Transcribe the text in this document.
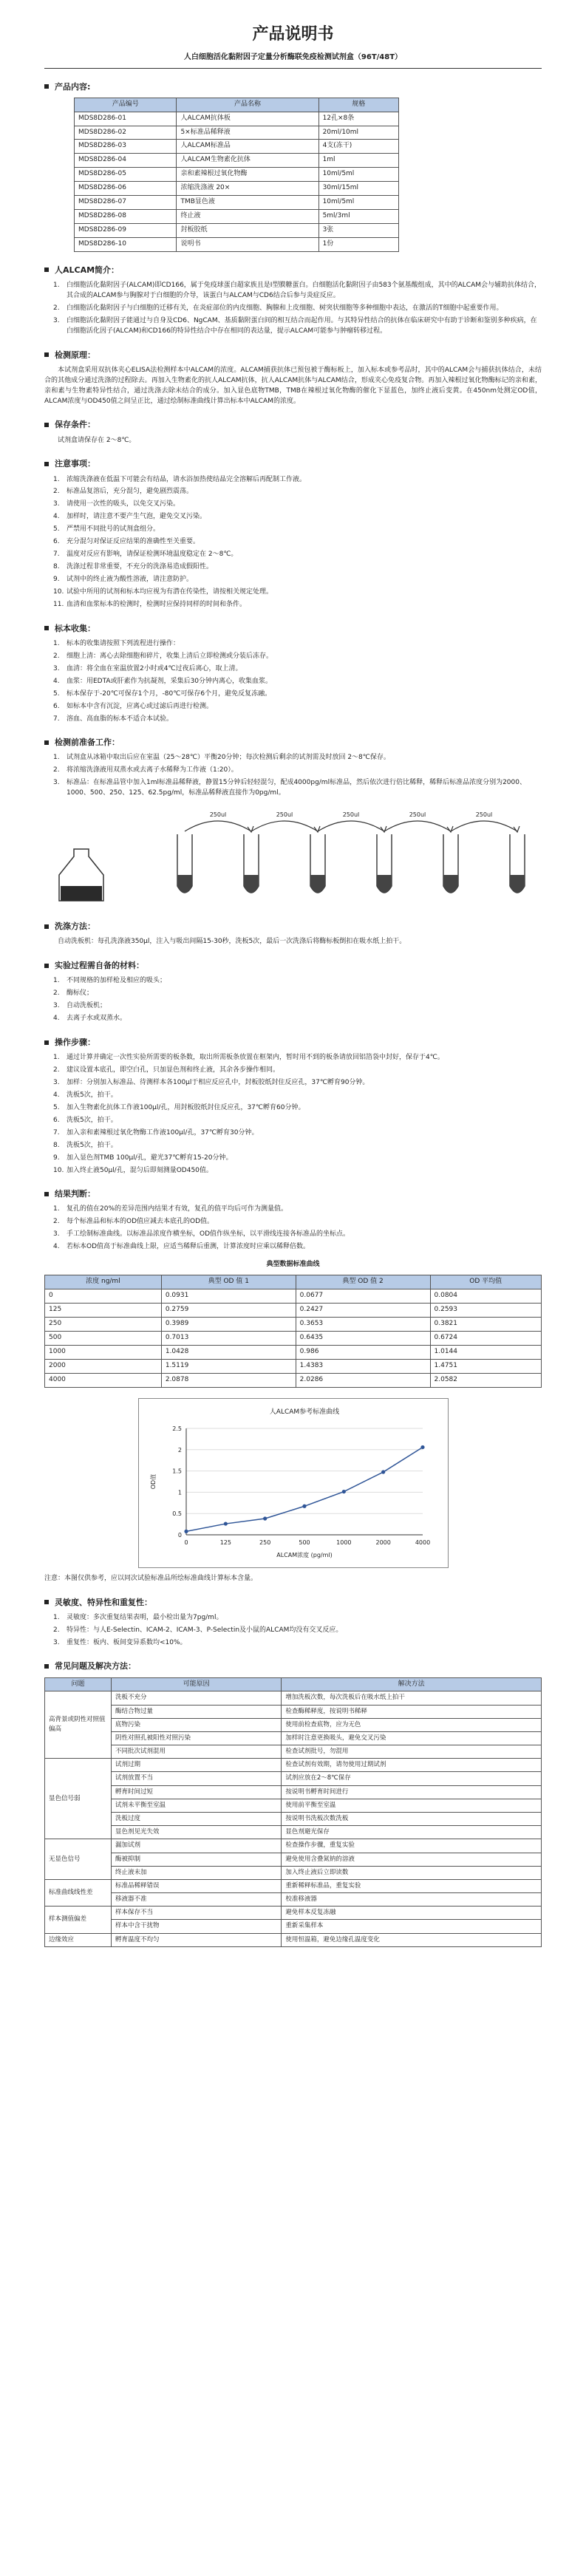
产品说明书
人白细胞活化黏附因子定量分析酶联免疫检测试剂盒（96T/48T）
产品内容:
产品编号	产品名称	规格
MDS8D286-01	人ALCAM抗体板	12孔×8条
MDS8D286-02	5×标准品稀释液	20ml/10ml
MDS8D286-03	人ALCAM标准品	4支(冻干)
MDS8D286-04	人ALCAM生物素化抗体	1ml
MDS8D286-05	亲和素辣根过氧化物酶	10ml/5ml
MDS8D286-06	浓缩洗涤液 20×	30ml/15ml
MDS8D286-07	TMB显色液	10ml/5ml
MDS8D286-08	终止液	5ml/3ml
MDS8D286-09	封板胶纸	3张
MDS8D286-10	说明书	1份
人ALCAM简介：
1.	白细胞活化黏附因子(ALCAM)即CD166，属于免疫球蛋白超家族且是Ⅰ型膜糖蛋白。白细胞活化黏附因子由583个氨基酸组成，其中的ALCAM会与辅助抗体结合，其合成的ALCAM参与胸腺对于白细胞的介导，该蛋白与ALCAM与CD6结合后参与炎症反应。
2.	白细胞活化黏附因子与白细胞的迁移有关，在炎症部位的内皮细胞、胸腺和上皮细胞、树突状细胞等多种细胞中表达，在激活的T细胞中起重要作用。
3.	白细胞活化黏附因子能通过与自身及CD6、NgCAM、基质黏附蛋白间的相互结合而起作用。与其特异性结合的抗体在临床研究中有助于诊断和鉴别多种疾病，在白细胞活化因子(ALCAM)和CD166的特异性结合中存在相同的表达量，提示ALCAM可能参与肿瘤转移过程。
检测原理：

本试剂盒采用双抗体夹心ELISA法检测样本中ALCAM的浓度。ALCAM捕获抗体已预包被于酶标板上，加入标本或参考品时，其中的ALCAM会与捕获抗体结合，未结合的其他成分通过洗涤的过程除去。再加入生物素化的抗人ALCAM抗体，抗人ALCAM抗体与ALCAM结合，形成夹心免疫复合物。再加入辣根过氧化物酶标记的亲和素，亲和素与生物素特异性结合，通过洗涤去除未结合的成分。加入显色底物TMB，TMB在辣根过氧化物酶的催化下显蓝色，加终止液后变黄。在450nm处测定OD值，ALCAM浓度与OD450值之间呈正比，通过绘制标准曲线计算出标本中ALCAM的浓度。

保存条件：

试剂盒请保存在 2～8℃。

注意事项：
1.	浓缩洗涤液在低温下可能会有结晶，请水浴加热使结晶完全溶解后再配制工作液。
2.	标准品复溶后，充分混匀，避免剧烈震荡。
3.	请使用一次性的吸头，以免交叉污染。
4.	加样时，请注意不要产生气泡，避免交叉污染。
5.	严禁用不同批号的试剂盒组分。
6.	充分混匀对保证反应结果的准确性至关重要。
7.	温度对反应有影响，请保证检测环境温度稳定在 2～8℃。
8.	洗涤过程非常重要，不充分的洗涤易造成假阳性。
9.	试剂中的终止液为酸性溶液，请注意防护。
10. 试验中所用的试剂和标本均应视为有潜在传染性，请按相关规定处理。
11. 血清和血浆标本的检测时，检测时应保持同样的时间和条件。
标本收集：
1.	标本的收集请按照下列流程进行操作：
2.	细胞上清：离心去除细胞和碎片，收集上清后立即检测或分装后冻存。
3.	血清：将全血在室温放置2小时或4℃过夜后离心，取上清。
4.	血浆：用EDTA或肝素作为抗凝剂，采集后30分钟内离心，收集血浆。
5.	标本保存于-20℃可保存1个月，-80℃可保存6个月，避免反复冻融。
6.	如标本中含有沉淀，应离心或过滤后再进行检测。
7.	溶血、高血脂的标本不适合本试验。
检测前准备工作：
1.	试剂盒从冰箱中取出后应在室温（25～28℃）平衡20分钟；每次检测后剩余的试剂需及时放回 2～8℃保存。
2.	将浓缩洗涤液用双蒸水或去离子水稀释为工作液（1:20）。
3.	标准品：在标准品管中加入1ml标准品稀释液，静置15分钟后轻轻混匀，配成4000pg/ml标准品，然后依次进行倍比稀释，稀释后标准品浓度分别为2000、1000、500、250、125、62.5pg/ml，标准品稀释液直接作为0pg/ml。
250ul	250ul	250ul	250ul	250ul
洗涤方法：

自动洗板机：每孔洗涤液350μl，注入与吸出间隔15-30秒，洗板5次，最后一次洗涤后将酶标板倒扣在吸水纸上拍干。

实验过程需自备的材料：
1.	不同规格的加样枪及相应的吸头；
2.	酶标仪；
3.	自动洗板机；
4.	去离子水或双蒸水。
操作步骤：
1.	通过计算并确定一次性实验所需要的板条数，取出所需板条放置在框架内，暂时用不到的板条请放回铝箔袋中封好，保存于4℃。
2.	建议设置本底孔，即空白孔，只加显色剂和终止液，其余各步操作相同。
3.	加样：分别加入标准品、待测样本各100μl于相应反应孔中，封板胶纸封住反应孔，37℃孵育90分钟。
4.	洗板5次，拍干。
5.	加入生物素化抗体工作液100μl/孔，用封板胶纸封住反应孔，37℃孵育60分钟。
6.	洗板5次，拍干。
7.	加入亲和素辣根过氧化物酶工作液100μl/孔，37℃孵育30分钟。
8.	洗板5次，拍干。
9.	加入显色剂TMB 100μl/孔，避光37℃孵育15-20分钟。
10. 加入终止液50μl/孔，混匀后即刻测量OD450值。
结果判断：
1.	复孔的值在20%的差异范围内结果才有效，复孔的值平均后可作为测量值。
2.	每个标准品和标本的OD值应减去本底孔的OD值。
3.	手工绘制标准曲线。以标准品浓度作横坐标，OD值作纵坐标，以平滑线连接各标准品的坐标点。
4.	若标本OD值高于标准曲线上限，应适当稀释后重测，计算浓度时应乘以稀释倍数。
典型数据标准曲线
浓度 ng/ml	典型 OD 值 1	典型 OD 值 2	OD 平均值
0	0.0931	0.0677	0.0804
125	0.2759	0.2427	0.2593
250	0.3989	0.3653	0.3821
500	0.7013	0.6435	0.6724
1000	1.0428	0.986	1.0144
2000	1.5119	1.4383	1.4751
4000	2.0878	2.0286	2.0582
人ALCAM参考标准曲线
0
0.5
1
1.5
2
2.5
0	125	250	500	1000	2000	4000
ALCAM浓度 (pg/ml)
OD值

注意：本图仅供参考，应以同次试验标准品所绘标准曲线计算标本含量。

灵敏度、特异性和重复性：
1.	灵敏度：多次重复结果表明，最小检出量为7pg/ml。
2.	特异性：与人E-Selectin、ICAM-2、ICAM-3、P-Selectin及小鼠的ALCAM均没有交叉反应。
3.	重复性：板内、板间变异系数均<10%。
常见问题及解决方法：
问题	可能原因	解决方法
高背景或阴性对照值偏高	洗板不充分	增加洗板次数，每次洗板后在吸水纸上拍干
	酶结合物过量	检查酶稀释度，按说明书稀释
	底物污染	使用前检查底物，应为无色
	阴性对照孔被阳性对照污染	加样时注意更换吸头，避免交叉污染
	不同批次试剂混用	检查试剂批号，勿混用
显色信号弱	试剂过期	检查试剂有效期，请勿使用过期试剂
	试剂放置不当	试剂应放在2～8℃保存
	孵育时间过短	按说明书孵育时间进行
	试剂未平衡至室温	使用前平衡至室温
	洗板过度	按说明书洗板次数洗板
	显色剂见光失效	显色剂避光保存
无显色信号	漏加试剂	检查操作步骤，重复实验
	酶被抑制	避免使用含叠氮钠的溶液
	终止液未加	加入终止液后立即读数
标准曲线线性差	标准品稀释错误	重新稀释标准品，重复实验
	移液器不准	校准移液器
样本测值偏差	样本保存不当	避免样本反复冻融
	样本中含干扰物	重新采集样本
边缘效应	孵育温度不均匀	使用恒温箱，避免边缘孔温度变化
